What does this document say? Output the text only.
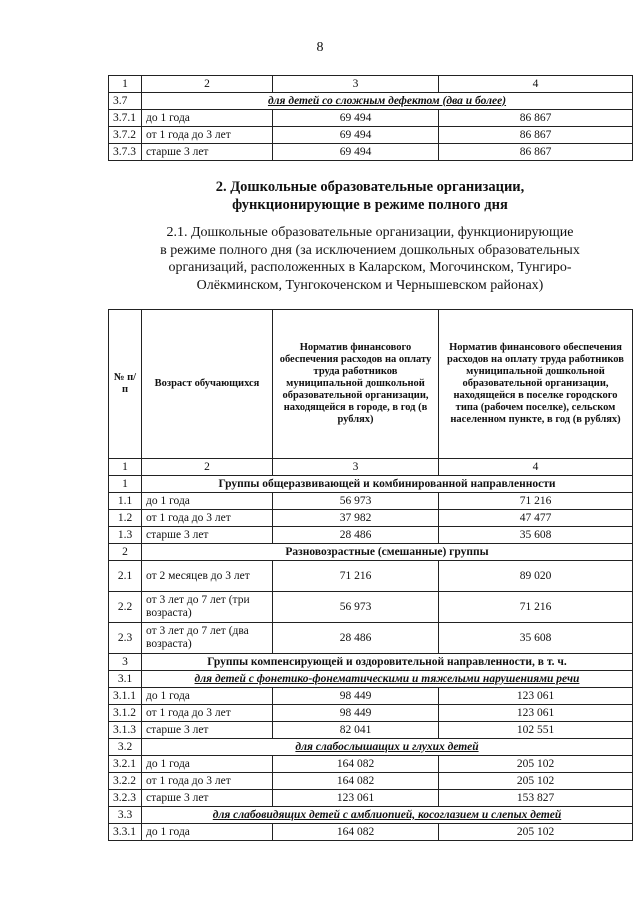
8
1	2	3	4
3.7	для детей со сложным дефектом (два и более)		
3.7.1	до 1 года	69 494	86 867
3.7.2	от 1 года до 3 лет	69 494	86 867
3.7.3	старше 3 лет	69 494	86 867
2. Дошкольные образовательные организации,
функционирующие в режиме полного дня
2.1. Дошкольные образовательные организации, функционирующие
в режиме полного дня (за исключением дошкольных образовательных
организаций, расположенных в Каларском, Могочинском, Тунгиро-
Олёкминском, Тунгокоченском и Чернышевском районах)
№ п/п	Возраст обучающихся	Норматив финансового обеспечения расходов на оплату труда работников муниципальной дошкольной образовательной организации, находящейся в городе, в год (в рублях)	Норматив финансового обеспечения расходов на оплату труда работников муниципальной дошкольной образовательной организации, находящейся в поселке городского типа (рабочем поселке), сельском населенном пункте, в год (в рублях)
1	2	3	4
1	Группы общеразвивающей и комбинированной направленности		
1.1	до 1 года	56 973	71 216
1.2	от 1 года до 3 лет	37 982	47 477
1.3	старше 3 лет	28 486	35 608
2	Разновозрастные (смешанные) группы		
2.1	от 2 месяцев до 3 лет	71 216	89 020
2.2	от 3 лет до 7 лет (три возраста)	56 973	71 216
2.3	от 3 лет до 7 лет (два возраста)	28 486	35 608
3	Группы компенсирующей и оздоровительной направленности, в т. ч.		
3.1	для детей с фонетико-фонематическими и тяжелыми нарушениями речи		
3.1.1	до 1 года	98 449	123 061
3.1.2	от 1 года до 3 лет	98 449	123 061
3.1.3	старше 3 лет	82 041	102 551
3.2	для слабослышащих и глухих детей		
3.2.1	до 1 года	164 082	205 102
3.2.2	от 1 года до 3 лет	164 082	205 102
3.2.3	старше 3 лет	123 061	153 827
3.3	для слабовидящих детей с амблиопией, косоглазием и слепых детей		
3.3.1	до 1 года	164 082	205 102
